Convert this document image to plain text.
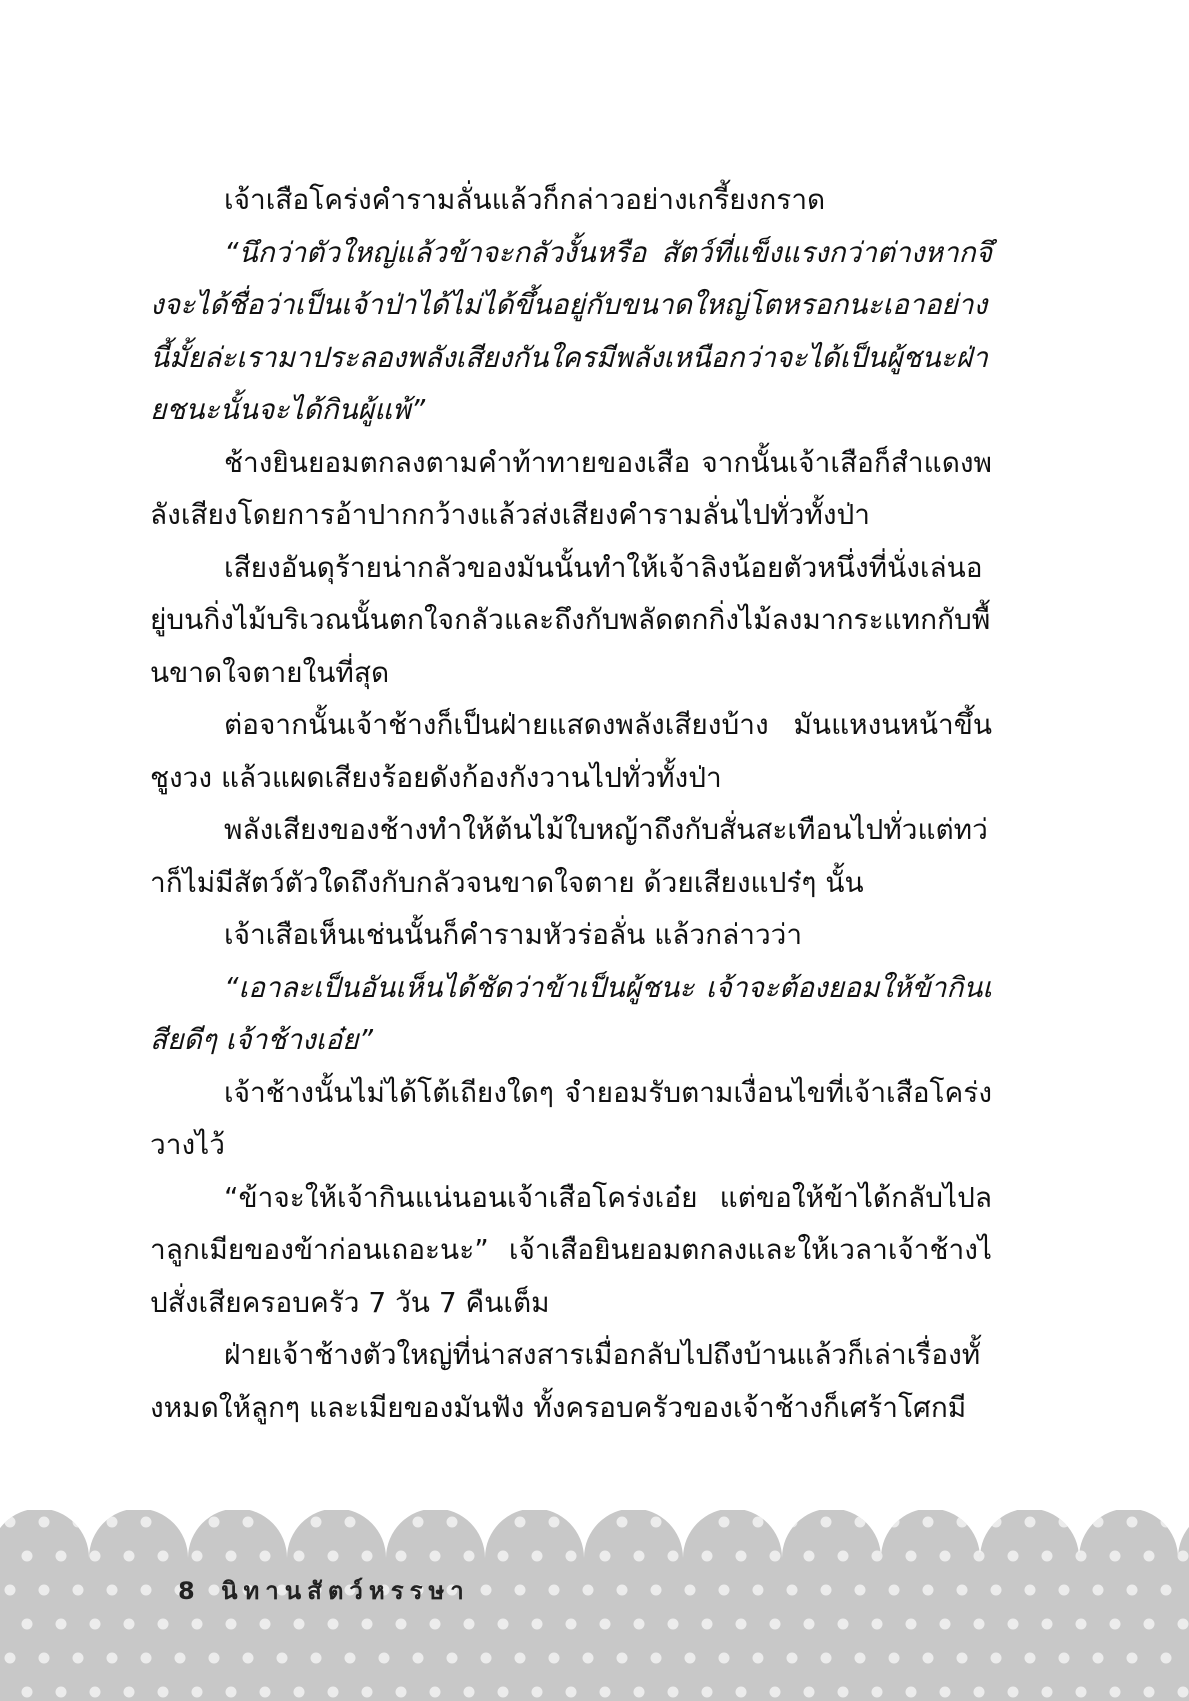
เจ้าเสือโคร่งคำรามลั่นแล้วก็กล่าวอย่างเกรี้ยงกราด

“นึกว่าตัวใหญ่แล้วข้าจะกลัวงั้นหรือ สัตว์ที่แข็งแรงกว่าต่างหากจึงจะได้ชื่อว่าเป็นเจ้าป่าได้ไม่ได้ขึ้นอยู่กับขนาดใหญ่โตหรอกนะเอาอย่างนี้มั้ยล่ะเรามาประลองพลังเสียงกันใครมีพลังเหนือกว่าจะได้เป็นผู้ชนะฝ่ายชนะนั้นจะได้กินผู้แพ้”

ช้างยินยอมตกลงตามคำท้าทายของเสือ จากนั้นเจ้าเสือก็สำแดงพลังเสียงโดยการอ้าปากกว้างแล้วส่งเสียงคำรามลั่นไปทั่วทั้งป่า

เสียงอันดุร้ายน่ากลัวของมันนั้นทำให้เจ้าลิงน้อยตัวหนึ่งที่นั่งเล่นอยู่บนกิ่งไม้บริเวณนั้นตกใจกลัวและถึงกับพลัดตกกิ่งไม้ลงมากระแทกกับพื้นขาดใจตายในที่สุด

ต่อจากนั้นเจ้าช้างก็เป็นฝ่ายแสดงพลังเสียงบ้าง มันแหงนหน้าขึ้นชูงวง แล้วแผดเสียงร้อยดังก้องกังวานไปทั่วทั้งป่า

พลังเสียงของช้างทำให้ต้นไม้ใบหญ้าถึงกับสั่นสะเทือนไปทั่วแต่ทว่าก็ไม่มีสัตว์ตัวใดถึงกับกลัวจนขาดใจตาย ด้วยเสียงแปร๋ๆ นั้น

เจ้าเสือเห็นเช่นนั้นก็คำรามหัวร่อลั่น แล้วกล่าวว่า

“เอาละเป็นอันเห็นได้ชัดว่าข้าเป็นผู้ชนะ เจ้าจะต้องยอมให้ข้ากินเสียดีๆ เจ้าช้างเอ๋ย”

เจ้าช้างนั้นไม่ได้โต้เถียงใดๆ จำยอมรับตามเงื่อนไขที่เจ้าเสือโคร่งวางไว้

“ข้าจะให้เจ้ากินแน่นอนเจ้าเสือโคร่งเอ๋ย แต่ขอให้ข้าได้กลับไปลาลูกเมียของข้าก่อนเถอะนะ” เจ้าเสือยินยอมตกลงและให้เวลาเจ้าช้างไปสั่งเสียครอบครัว 7 วัน 7 คืนเต็ม

ฝ่ายเจ้าช้างตัวใหญ่ที่น่าสงสารเมื่อกลับไปถึงบ้านแล้วก็เล่าเรื่องทั้งหมดให้ลูกๆ และเมียของมันฟัง ทั้งครอบครัวของเจ้าช้างก็เศร้าโศกมี

8 นิทานสัตว์หรรษา
